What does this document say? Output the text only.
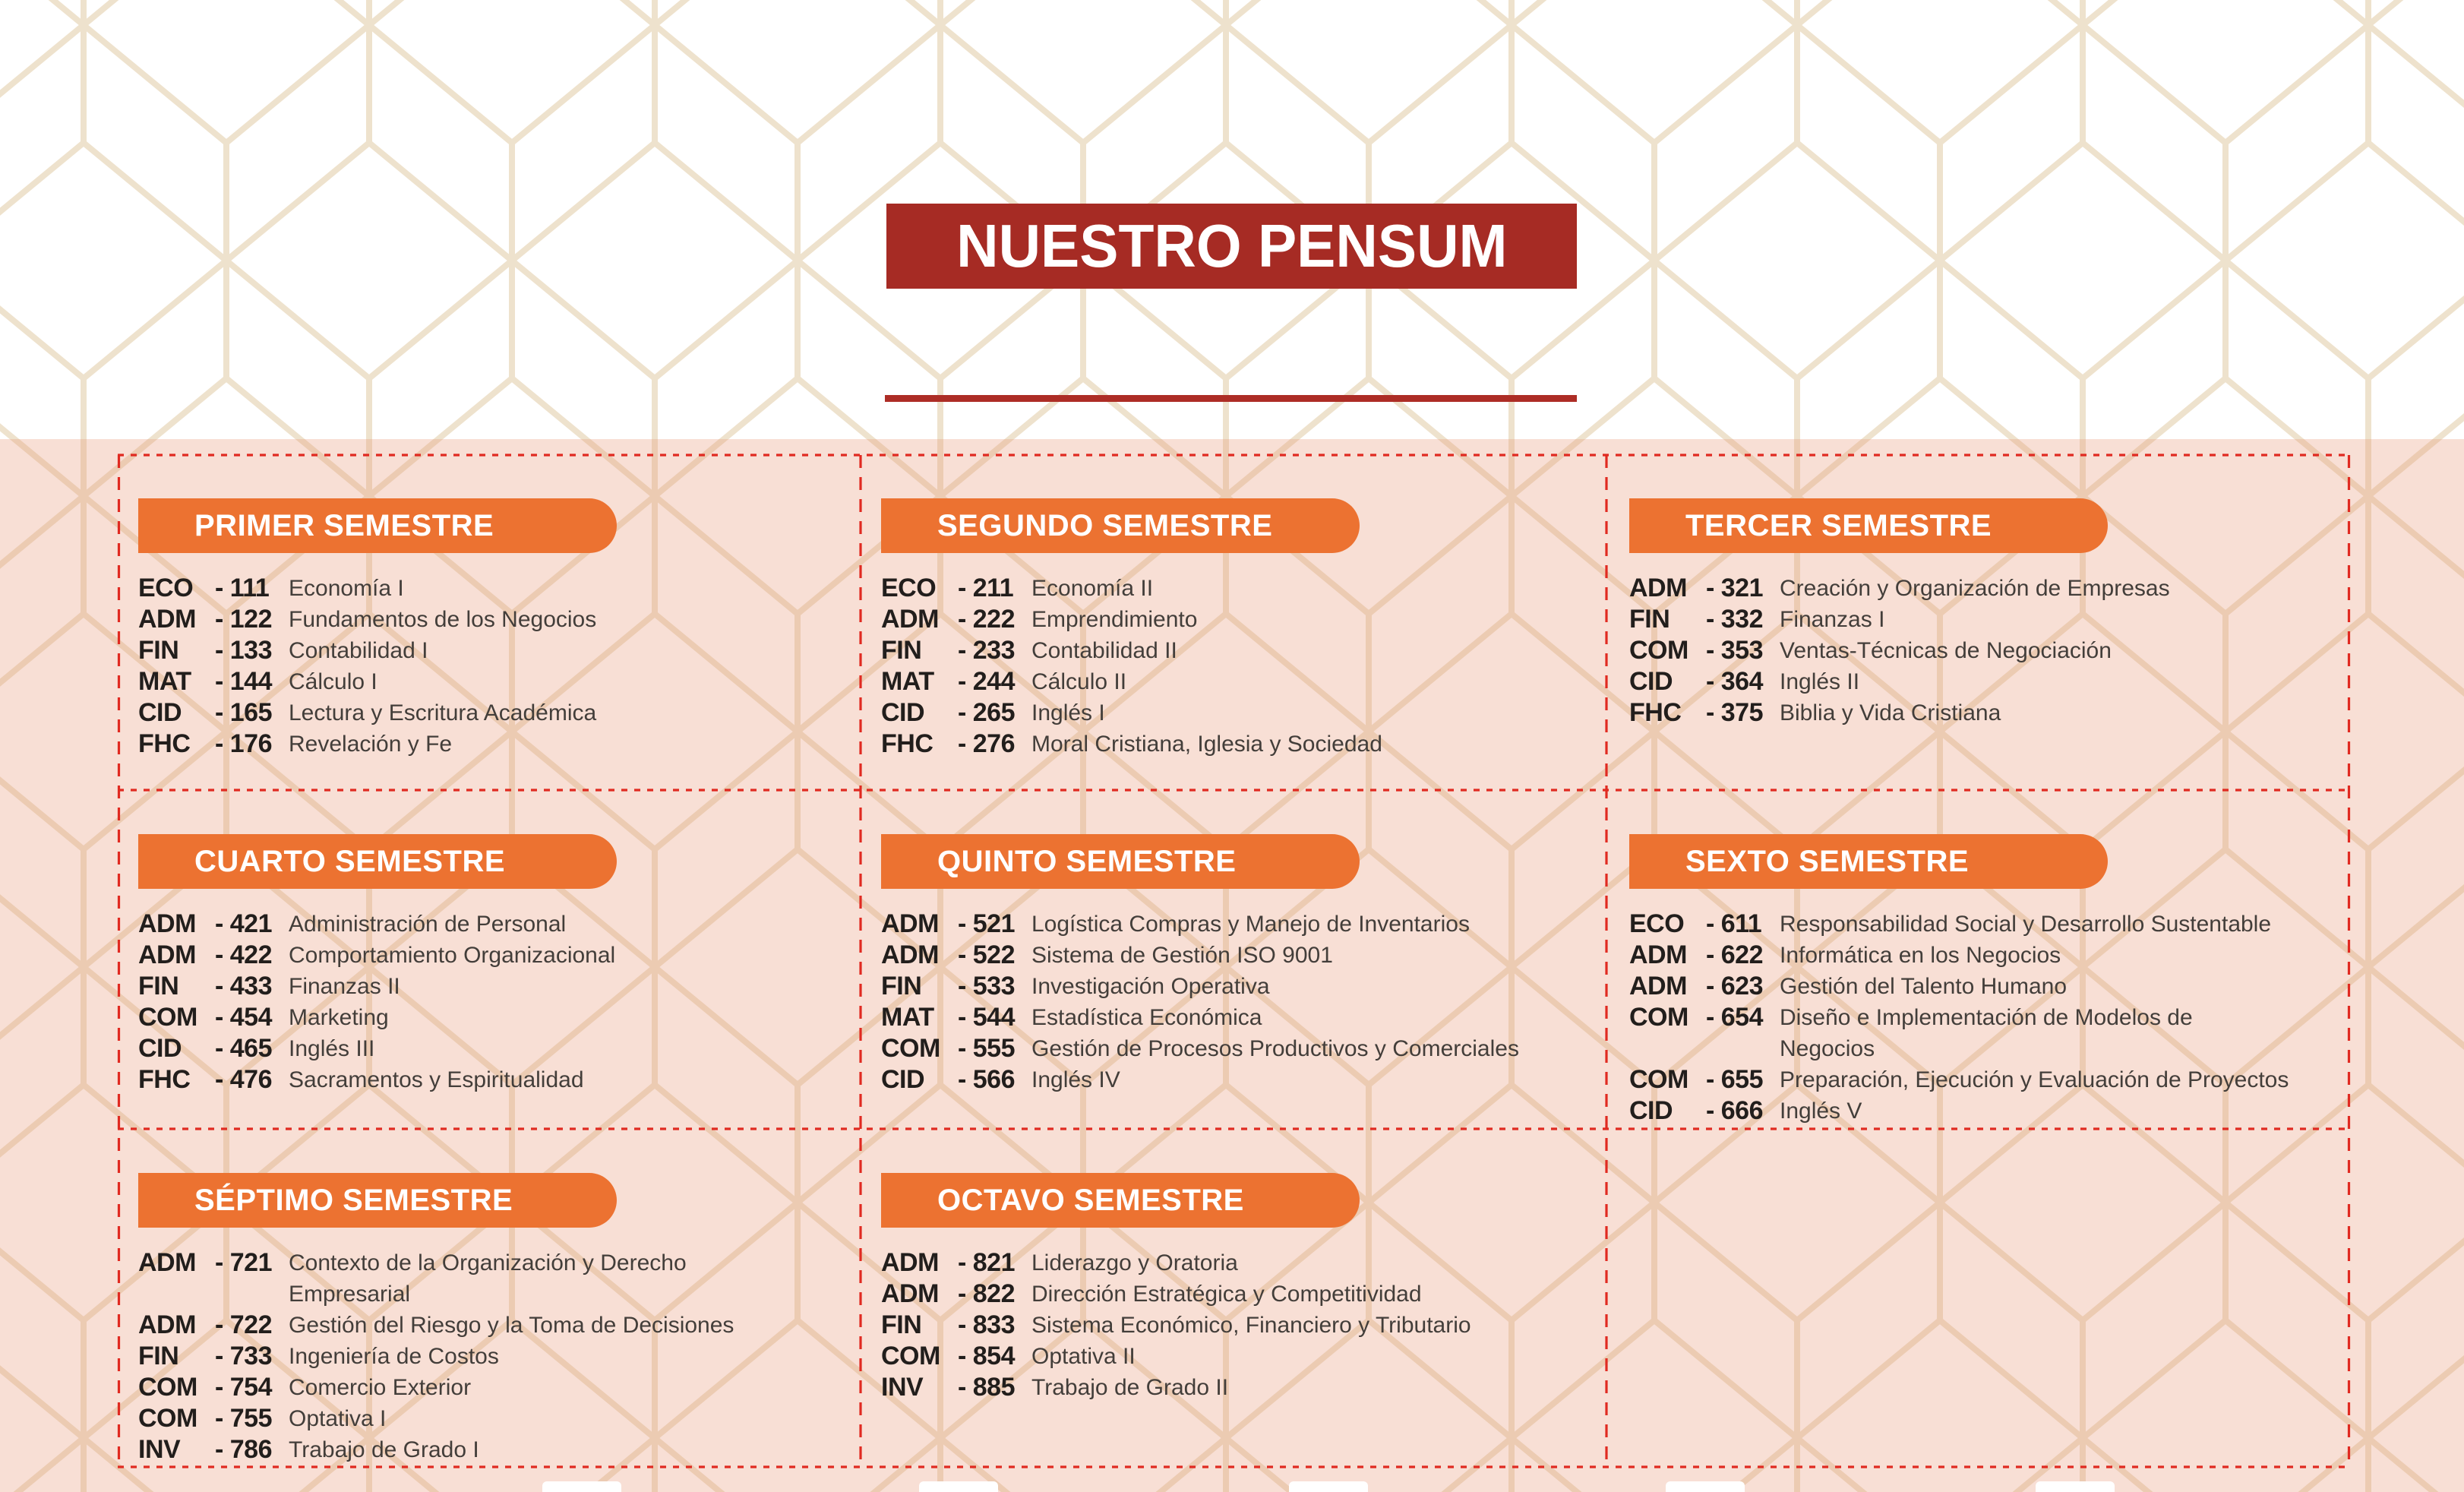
NUESTRO PENSUM
PRIMER SEMESTRE
ECO - 111 Economía I
ADM - 122 Fundamentos de los Negocios
FIN	- 133 Contabilidad I
MAT - 144 Cálculo I
CID	- 165 Lectura y Escritura Académica
FHC - 176 Revelación y Fe
SEGUNDO SEMESTRE
ECO - 211 Economía II
ADM - 222 Emprendimiento
FIN	- 233 Contabilidad II
MAT - 244 Cálculo II
CID	- 265 Inglés I
FHC - 276 Moral Cristiana, Iglesia y Sociedad
TERCER SEMESTRE
ADM - 321 Creación y Organización de Empresas
FIN	- 332 Finanzas I
COM - 353 Ventas-Técnicas de Negociación
CID	- 364 Inglés II
FHC - 375 Biblia y Vida Cristiana
CUARTO SEMESTRE
ADM - 421 Administración de Personal
ADM - 422 Comportamiento Organizacional
FIN	- 433 Finanzas II
COM - 454 Marketing
CID	- 465 Inglés III
FHC - 476 Sacramentos y Espiritualidad
QUINTO SEMESTRE
ADM - 521 Logística Compras y Manejo de Inventarios
ADM - 522 Sistema de Gestión ISO 9001
FIN	- 533 Investigación Operativa
MAT - 544 Estadística Económica
COM - 555 Gestión de Procesos Productivos y Comerciales
CID	- 566 Inglés IV
SEXTO SEMESTRE
ECO - 611 Responsabilidad Social y Desarrollo Sustentable
ADM - 622 Informática en los Negocios
ADM - 623 Gestión del Talento Humano
COM - 654 Diseño e Implementación de Modelos de
Negocios
COM - 655 Preparación, Ejecución y Evaluación de Proyectos
CID	- 666 Inglés V
SÉPTIMO SEMESTRE
ADM - 721 Contexto de la Organización y Derecho
Empresarial
ADM - 722 Gestión del Riesgo y la Toma de Decisiones
FIN	- 733 Ingeniería de Costos
COM - 754 Comercio Exterior
COM - 755 Optativa I
INV	- 786 Trabajo de Grado I
OCTAVO SEMESTRE
ADM - 821 Liderazgo y Oratoria
ADM - 822 Dirección Estratégica y Competitividad
FIN	- 833 Sistema Económico, Financiero y Tributario
COM - 854 Optativa II
INV	- 885 Trabajo de Grado II
